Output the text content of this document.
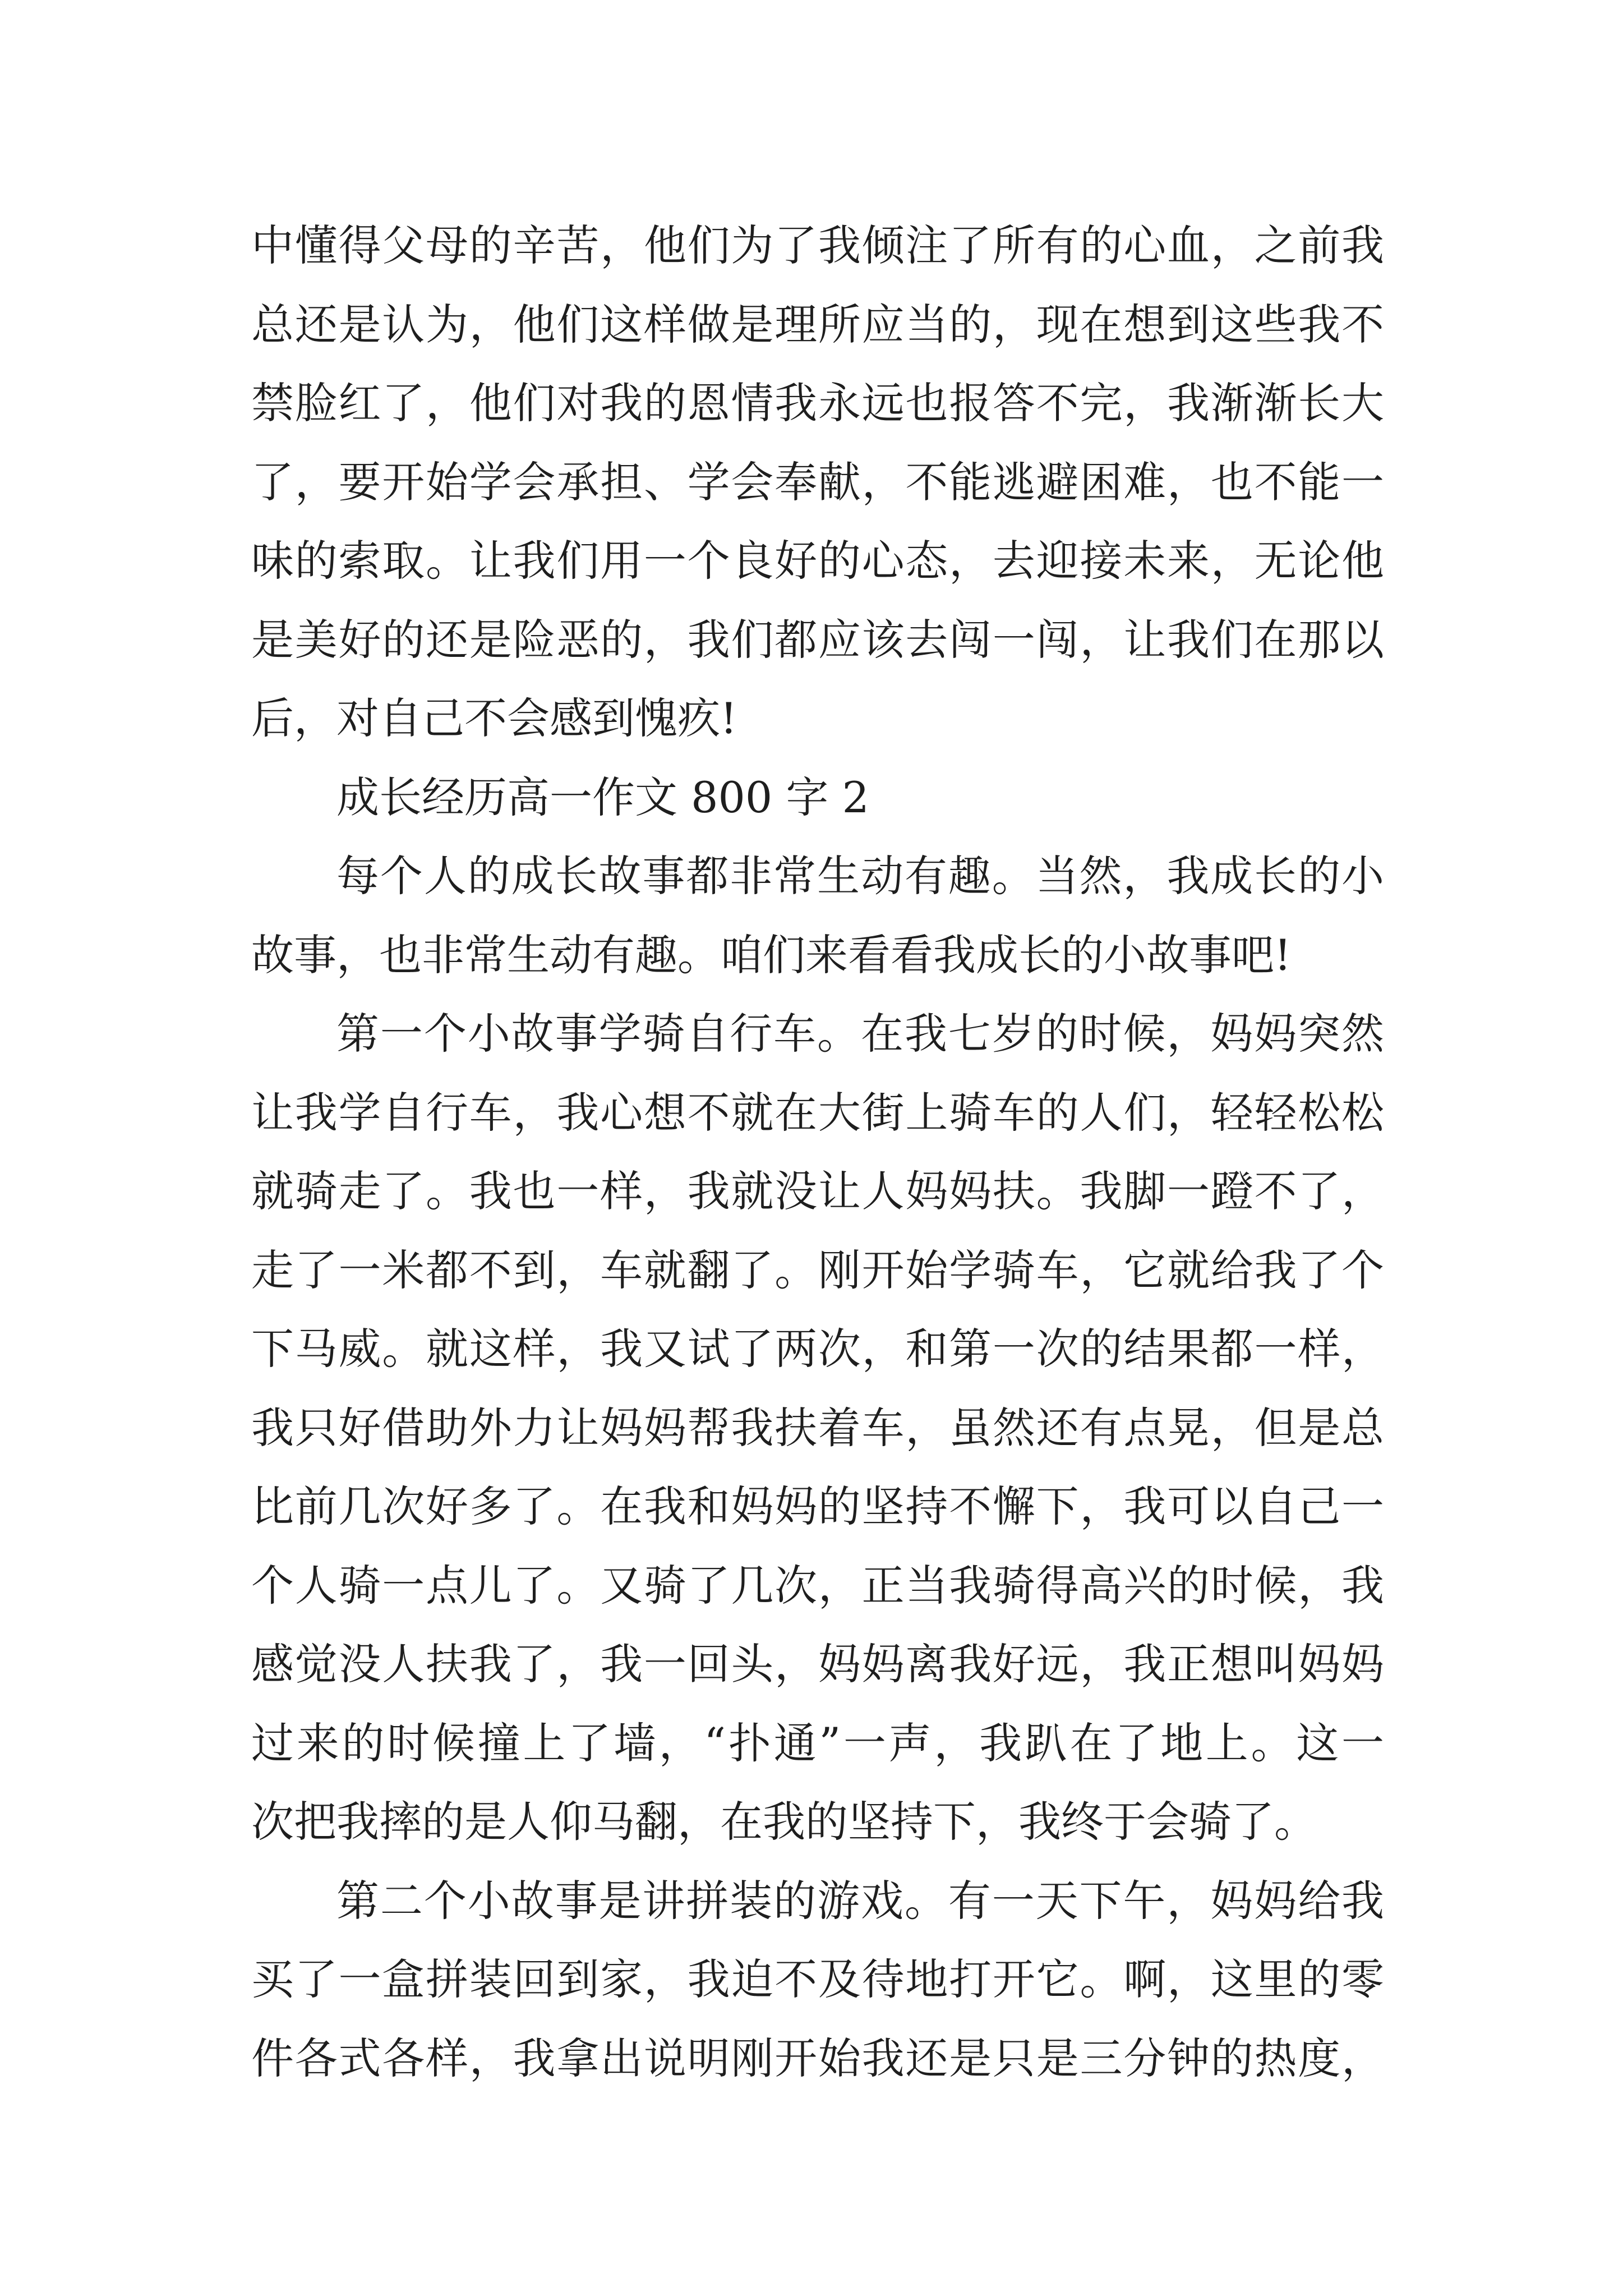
中懂得父母的辛苦，他们为了我倾注了所有的心血，之前我
总还是认为，他们这样做是理所应当的，现在想到这些我不
禁脸红了，他们对我的恩情我永远也报答不完，我渐渐长大
了，要开始学会承担、学会奉献，不能逃避困难，也不能一
味的索取。让我们用一个良好的心态，去迎接未来，无论他
是美好的还是险恶的，我们都应该去闯一闯，让我们在那以
后，对自己不会感到愧疚!
成长经历高一作文 800 字 2
每个人的成长故事都非常生动有趣。当然，我成长的小
故事，也非常生动有趣。咱们来看看我成长的小故事吧!
第一个小故事学骑自行车。在我七岁的时候，妈妈突然
让我学自行车，我心想不就在大街上骑车的人们，轻轻松松
就骑走了。我也一样，我就没让人妈妈扶。我脚一蹬不了，
走了一米都不到，车就翻了。刚开始学骑车，它就给我了个
下马威。就这样，我又试了两次，和第一次的结果都一样，
我只好借助外力让妈妈帮我扶着车，虽然还有点晃，但是总
比前几次好多了。在我和妈妈的坚持不懈下，我可以自己一
个人骑一点儿了。又骑了几次，正当我骑得高兴的时候，我
感觉没人扶我了，我一回头，妈妈离我好远，我正想叫妈妈
过来的时候撞上了墙，“扑通”一声，我趴在了地上。这一
次把我摔的是人仰马翻，在我的坚持下，我终于会骑了。
第二个小故事是讲拼装的游戏。有一天下午，妈妈给我
买了一盒拼装回到家，我迫不及待地打开它。啊，这里的零
件各式各样，我拿出说明刚开始我还是只是三分钟的热度，
